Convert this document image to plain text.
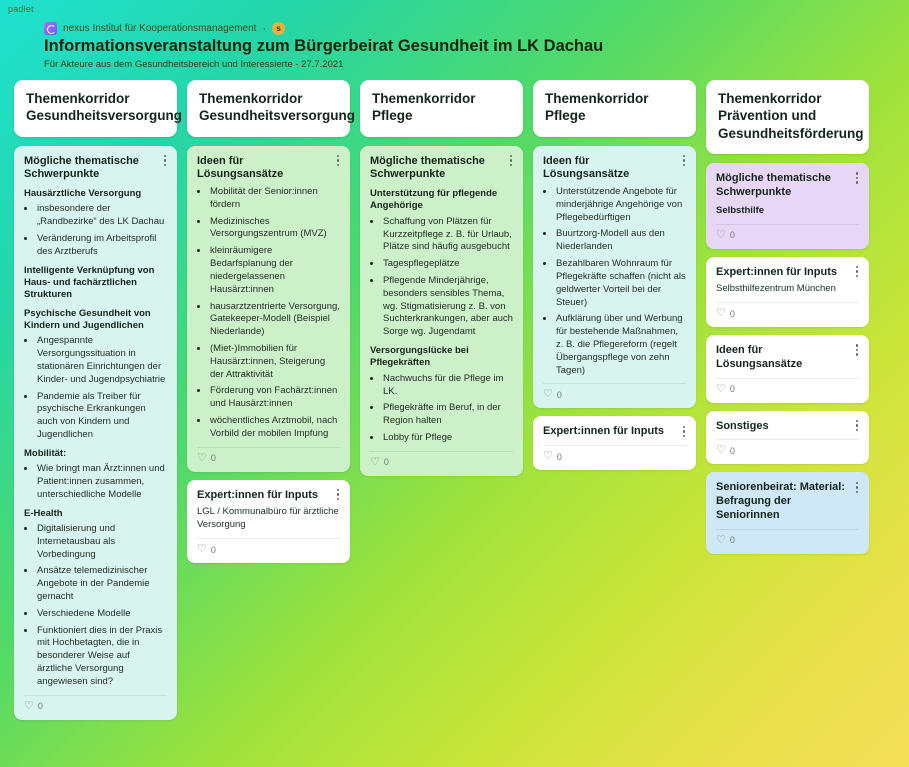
padlet
nexus Institut für Kooperationsmanagement ·	s
Informationsveranstaltung zum Bürgerbeirat Gesundheit im LK Dachau

Für Akteure aus dem Gesundheitsbereich und Interessierte - 27.7.2021

Themenkorridor Gesundheitsversorgung
Mögliche thematische Schwerpunkte
Hausärztliche Versorgung
• insbesondere der „Randbezirke“ des LK Dachau
• Veränderung im Arbeitsprofil des Arztberufs
Intelligente Verknüpfung von Haus- und fachärztlichen Strukturen
Psychische Gesundheit von Kindern und Jugendlichen
• Angespannte Versorgungssituation in stationären Einrichtungen der Kinder- und Jugendpsychiatrie
• Pandemie als Treiber für psychische Erkrankungen auch von Kindern und Jugendlichen
Mobilität:
• Wie bringt man Ärzt:innen und Patient:innen zusammen, unterschiedliche Modelle
E-Health
• Digitalisierung und Internetausbau als Vorbedingung
• Ansätze telemedizinischer Angebote in der Pandemie gemacht
• Verschiedene Modelle
• Funktioniert dies in der Praxis mit Hochbetagten, die in besonderer Weise auf ärztliche Versorgung angewiesen sind?
♡ 0
Themenkorridor Gesundheitsversorgung
Ideen für Lösungsansätze
• Mobilität der Senior:innen fördern
• Medizinisches Versorgungszentrum (MVZ)
• kleinräumigere Bedarfsplanung der niedergelassenen Hausärzt:innen
• hausarztzentrierte Versorgung, Gatekeeper-Modell (Beispiel Niederlande)
• (Miet-)Immobilien für Hausärzt:innen, Steigerung der Attraktivität
• Förderung von Fachärzt:innen und Hausärzt:innen
• wöchentliches Arztmobil, nach Vorbild der mobilen Impfung
♡ 0
Expert:innen für Inputs

LGL / Kommunalbüro für ärztliche Versorgung

♡ 0
Themenkorridor Pflege
Mögliche thematische Schwerpunkte
Unterstützung für pflegende Angehörige
• Schaffung von Plätzen für Kurzzeitpflege z. B. für Urlaub, Plätze sind häufig ausgebucht
• Tagespflegeplätze
• Pflegende Minderjährige, besonders sensibles Thema, wg. Stigmatisierung z. B. von Suchterkrankungen, aber auch Sorge wg. Jugendamt
Versorgungslücke bei Pflegekräften
• Nachwuchs für die Pflege im LK.
• Pflegekräfte im Beruf, in der Region halten
• Lobby für Pflege
♡ 0
Themenkorridor Pflege
Ideen für Lösungsansätze
• Unterstützende Angebote für minderjährige Angehörige von Pflegebedürftigen
• Buurtzorg-Modell aus den Niederlanden
• Bezahlbaren Wohnraum für Pflegekräfte schaffen (nicht als geldwerter Vorteil bei der Steuer)
• Aufklärung über und Werbung für bestehende Maßnahmen, z. B. die Pflegereform (regelt Übergangspflege von zehn Tagen)
♡ 0
Expert:innen für Inputs
♡ 0
Themenkorridor Prävention und Gesundheitsförderung
Mögliche thematische Schwerpunkte
Selbsthilfe
♡ 0
Expert:innen für Inputs

Selbsthilfezentrum München

♡ 0
Ideen für Lösungsansätze
♡ 0
Sonstiges
♡ 0
Seniorenbeirat: Material: Befragung der Seniorinnen
♡ 0
